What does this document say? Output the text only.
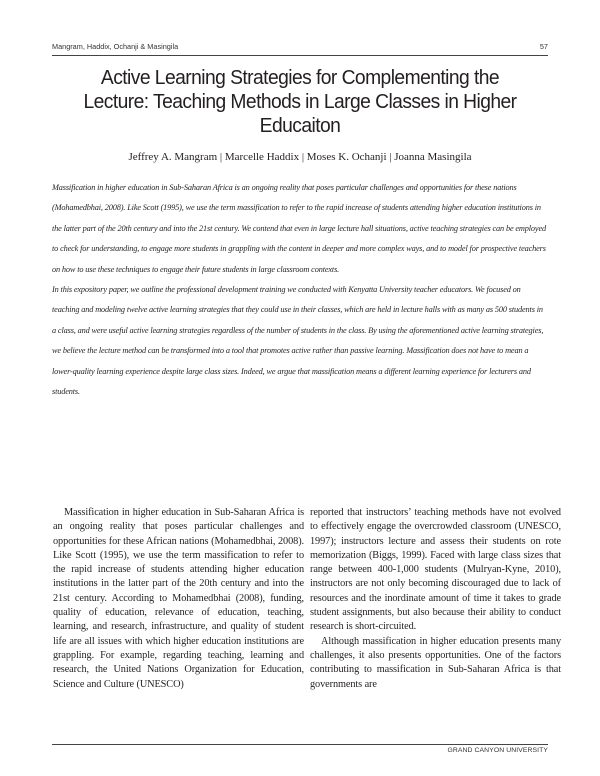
Mangram, Haddix, Ochanji & Masingila	57
Active Learning Strategies for Complementing the Lecture: Teaching Methods in Large Classes in Higher Educaiton
Jeffrey A. Mangram | Marcelle Haddix | Moses K. Ochanji | Joanna Masingila

Massification in higher education in Sub-Saharan Africa is an ongoing reality that poses particular challenges and opportunities for these nations (Mohamedbhai, 2008). Like Scott (1995), we use the term massification to refer to the rapid increase of students attending higher education institutions in the latter part of the 20th century and into the 21st century. We contend that even in large lecture hall situations, active teaching strategies can be employed to check for understanding, to engage more students in grappling with the content in deeper and more complex ways, and to model for prospective teachers on how to use these techniques to engage their future students in large classroom contexts.

In this expository paper, we outline the professional development training we conducted with Kenyatta University teacher educators. We focused on teaching and modeling twelve active learning strategies that they could use in their classes, which are held in lecture halls with as many as 500 students in a class, and were useful active learning strategies regardless of the number of students in the class. By using the aforementioned active learning strategies, we believe the lecture method can be transformed into a tool that promotes active rather than passive learning. Massification does not have to mean a lower-quality learning experience despite large class sizes. Indeed, we argue that massification means a different learning experience for lecturers and students.

Massification in higher education in Sub-Saharan Africa is an ongoing reality that poses particular challenges and opportunities for these African nations (Mohamedbhai, 2008). Like Scott (1995), we use the term massification to refer to the rapid increase of students attending higher education institutions in the latter part of the 20th century and into the 21st century. According to Mohamedbhai (2008), funding, quality of education, relevance of education, teaching, learning, and research, infrastructure, and quality of student life are all issues with which higher education institutions are grappling. For example, regarding teaching, learning and research, the United Nations Organization for Education, Science and Culture (UNESCO)

reported that instructors’ teaching methods have not evolved to effectively engage the overcrowded classroom (UNESCO, 1997); instructors lecture and assess their students on rote memorization (Biggs, 1999). Faced with large class sizes that range between 400-1,000 students (Mulryan-Kyne, 2010), instructors are not only becoming discouraged due to lack of resources and the inordinate amount of time it takes to grade student assignments, but also because their ability to conduct research is short-circuited.

Although massification in higher education presents many challenges, it also presents opportunities. One of the factors contributing to massification in Sub-Saharan Africa is that governments are

GRAND CANYON UNIVERSITY
